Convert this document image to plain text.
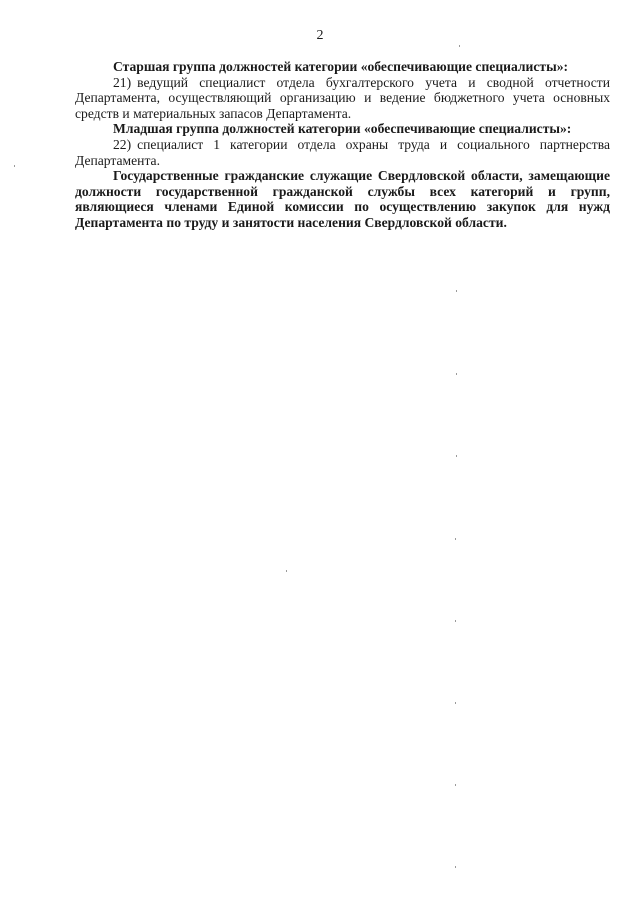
2

Старшая группа должностей категории «обеспечивающие специалисты»:

21) ведущий специалист отдела бухгалтерского учета и сводной отчетности Департамента, осуществляющий организацию и ведение бюджетного учета основных средств и материальных запасов Департамента.

Младшая группа должностей категории «обеспечивающие специалисты»:

22) специалист 1 категории отдела охраны труда и социального партнерства Департамента.

Государственные гражданские служащие Свердловской области, замещающие должности государственной гражданской службы всех категорий и групп, являющиеся членами Единой комиссии по осуществлению закупок для нужд Департамента по труду и занятости населения Свердловской области.
